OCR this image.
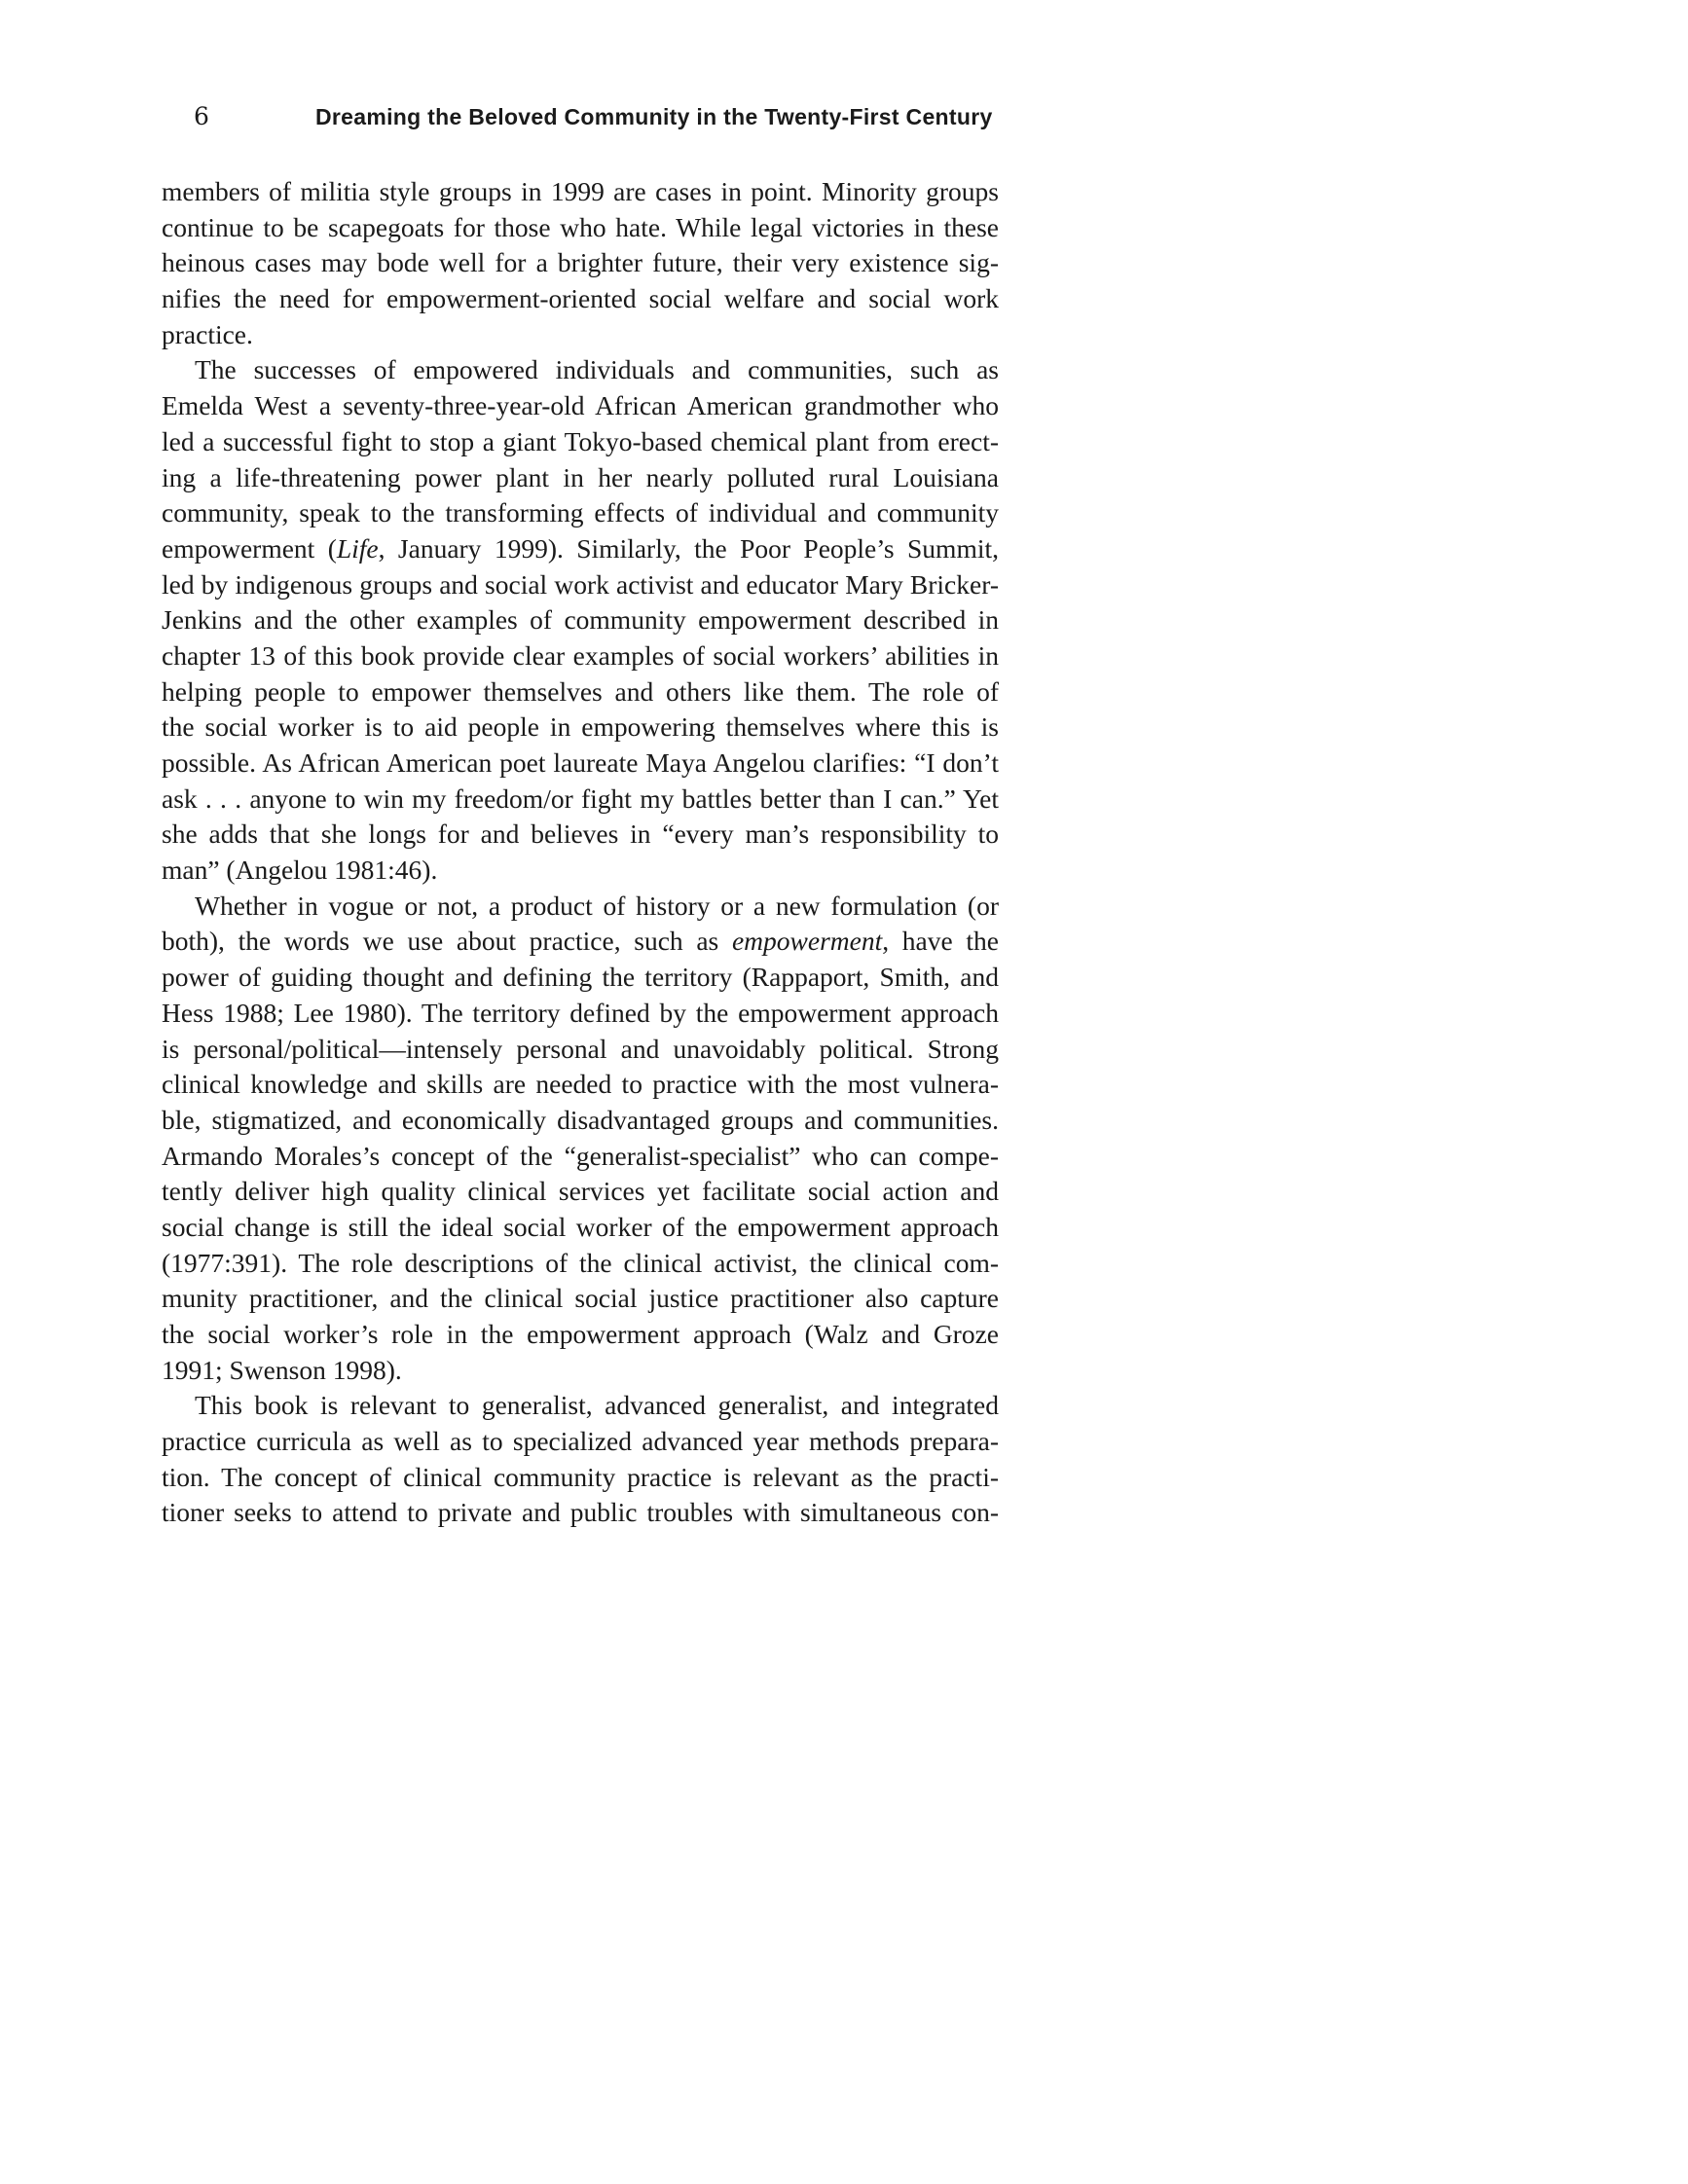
6	Dreaming the Beloved Community in the Twenty-First Century
members of militia style groups in 1999 are cases in point. Minority groups
continue to be scapegoats for those who hate. While legal victories in these
heinous cases may bode well for a brighter future, their very existence sig-
nifies the need for empowerment-oriented social welfare and social work
practice.
The successes of empowered individuals and communities, such as
Emelda West a seventy-three-year-old African American grandmother who
led a successful fight to stop a giant Tokyo-based chemical plant from erect-
ing a life-threatening power plant in her nearly polluted rural Louisiana
community, speak to the transforming effects of individual and community
empowerment (Life, January 1999). Similarly, the Poor People’s Summit,
led by indigenous groups and social work activist and educator Mary Bricker-
Jenkins and the other examples of community empowerment described in
chapter 13 of this book provide clear examples of social workers’ abilities in
helping people to empower themselves and others like them. The role of
the social worker is to aid people in empowering themselves where this is
possible. As African American poet laureate Maya Angelou clarifies: “I don’t
ask . . . anyone to win my freedom/or fight my battles better than I can.” Yet
she adds that she longs for and believes in “every man’s responsibility to
man” (Angelou 1981:46).
Whether in vogue or not, a product of history or a new formulation (or
both), the words we use about practice, such as empowerment, have the
power of guiding thought and defining the territory (Rappaport, Smith, and
Hess 1988; Lee 1980). The territory defined by the empowerment approach
is personal/political—intensely personal and unavoidably political. Strong
clinical knowledge and skills are needed to practice with the most vulnera-
ble, stigmatized, and economically disadvantaged groups and communities.
Armando Morales’s concept of the “generalist-specialist” who can compe-
tently deliver high quality clinical services yet facilitate social action and
social change is still the ideal social worker of the empowerment approach
(1977:391). The role descriptions of the clinical activist, the clinical com-
munity practitioner, and the clinical social justice practitioner also capture
the social worker’s role in the empowerment approach (Walz and Groze
1991; Swenson 1998).
This book is relevant to generalist, advanced generalist, and integrated
practice curricula as well as to specialized advanced year methods prepara-
tion. The concept of clinical community practice is relevant as the practi-
tioner seeks to attend to private and public troubles with simultaneous con-
